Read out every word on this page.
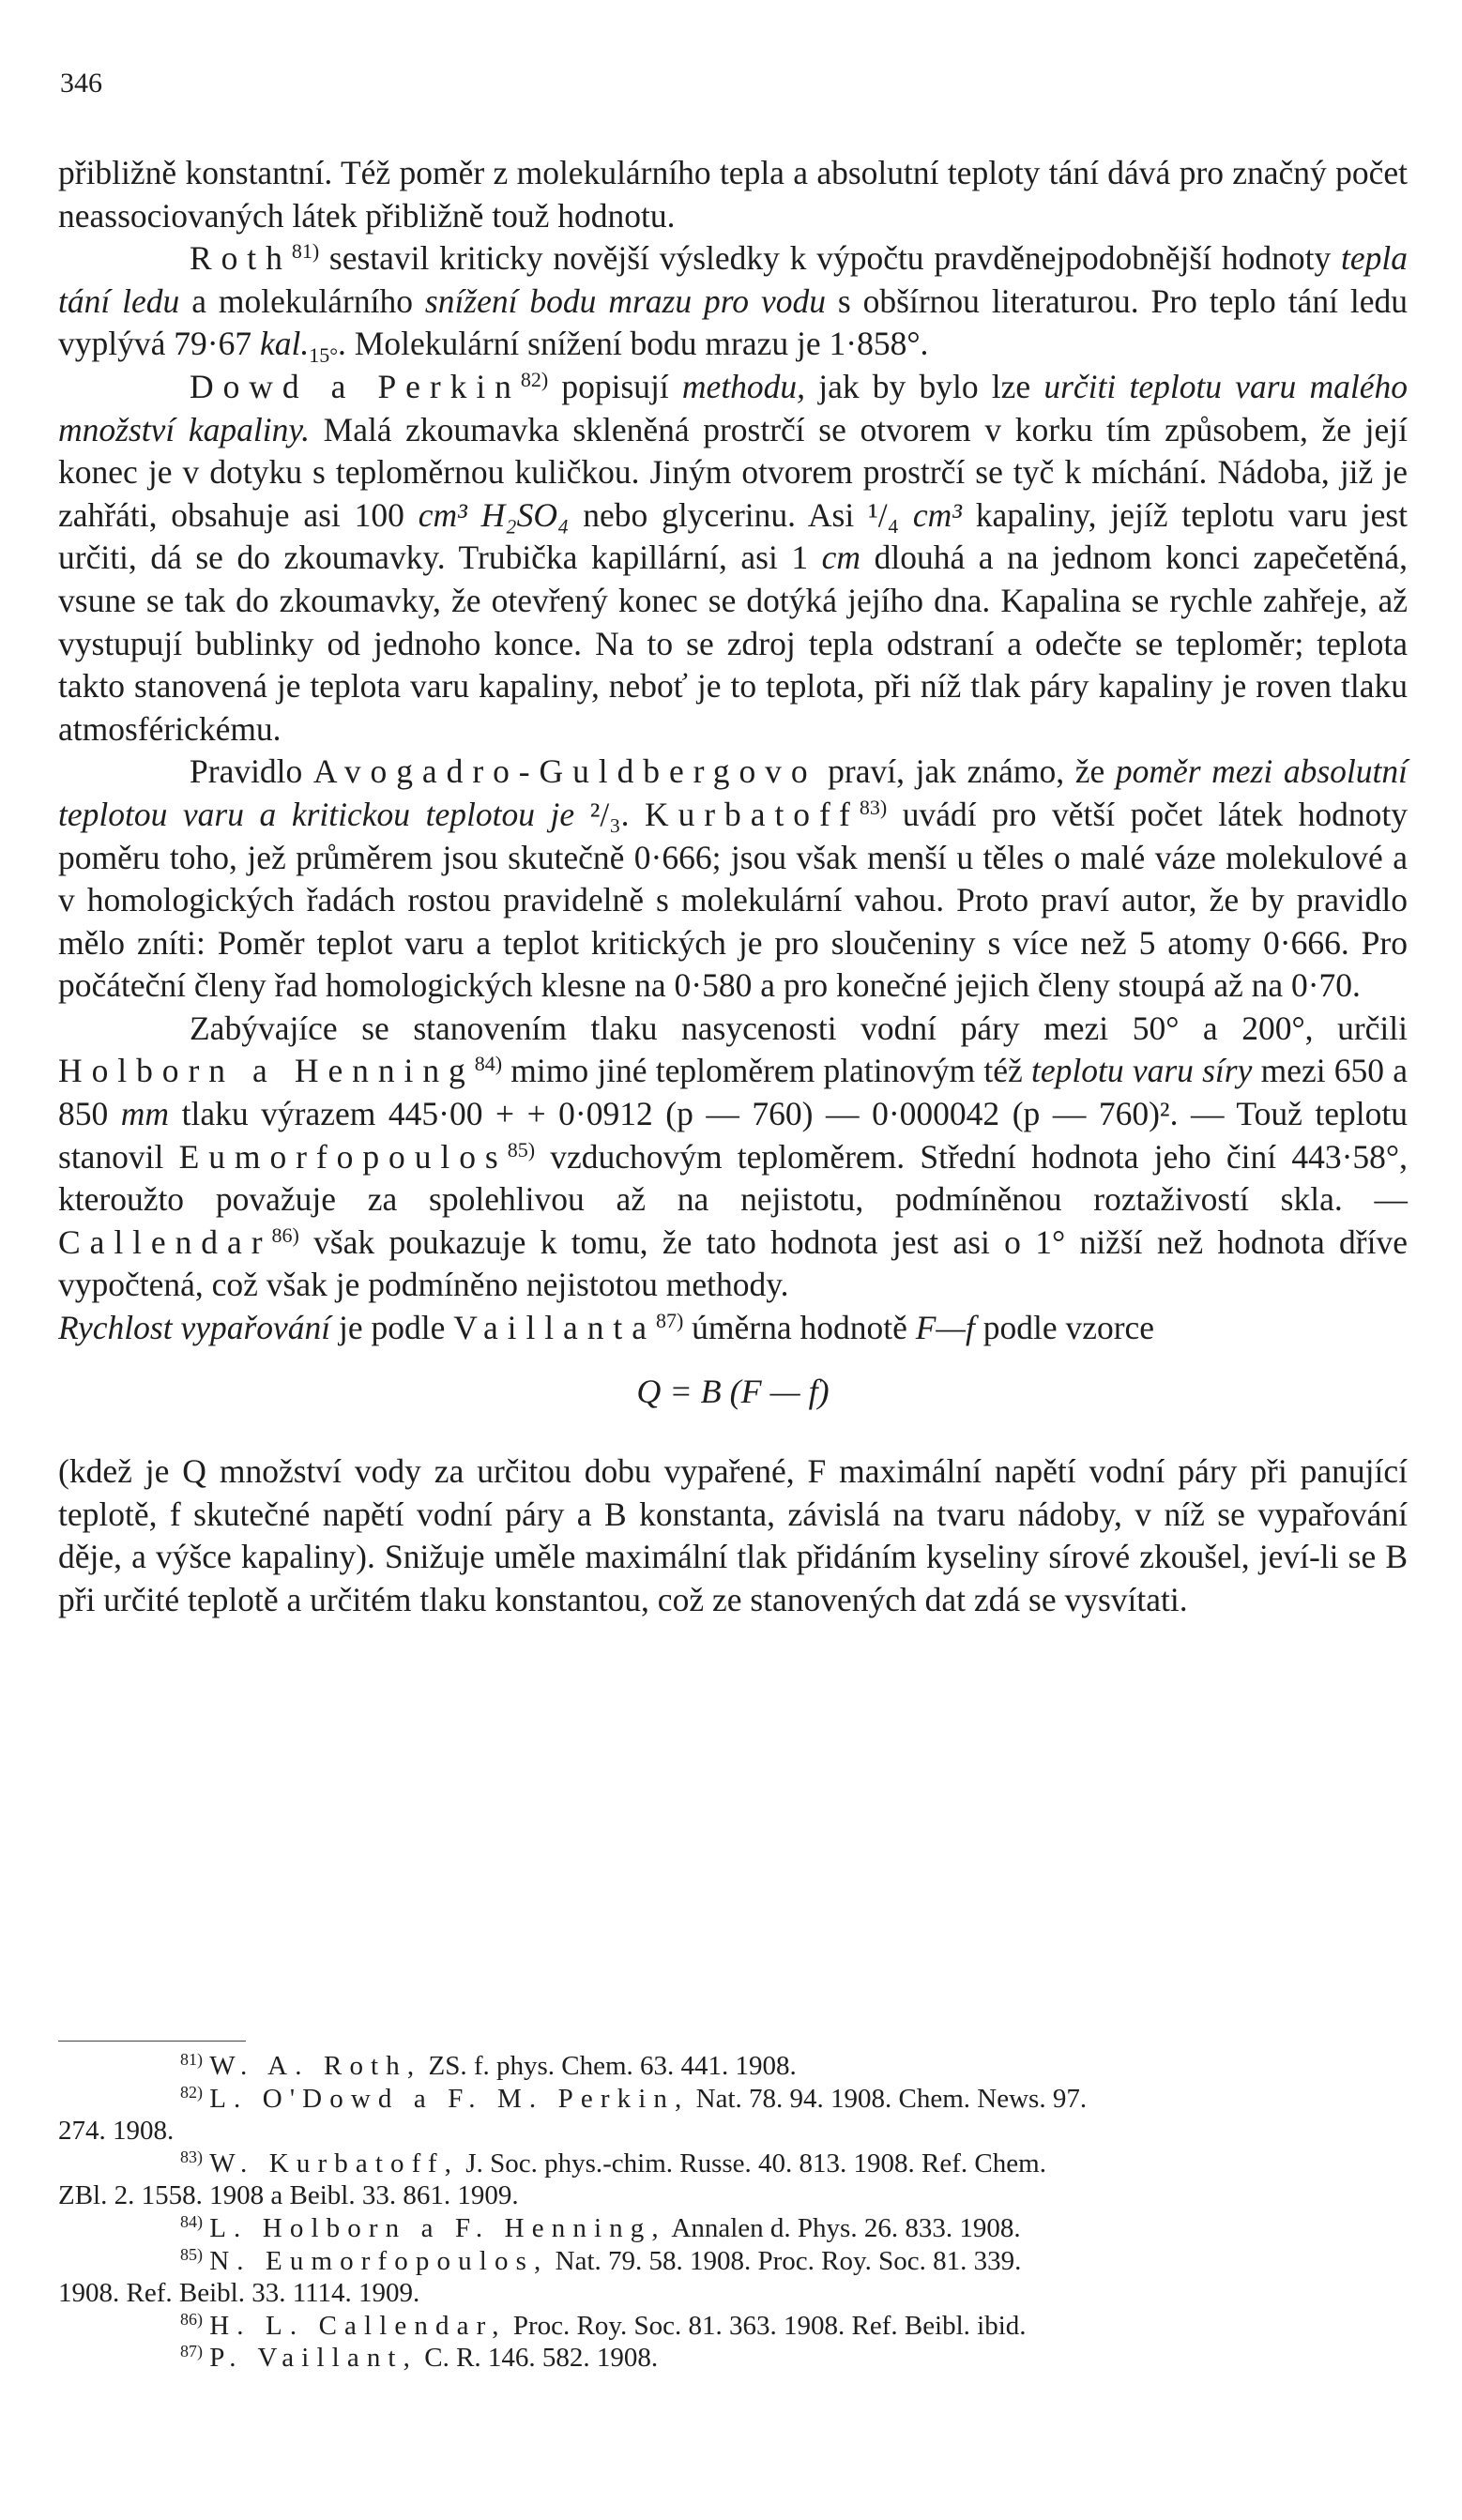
346

přibližně konstantní. Též poměr z molekulárního tepla a absolutní teploty tání dává pro značný počet neassociovaných látek přibližně touž hodnotu.

Roth$^{81)}$ sestavil kriticky novější výsledky k výpočtu pravděnejpodobnější hodnoty tepla tání ledu a molekulárního snížení bodu mrazu pro vodu s obšírnou literaturou. Pro teplo tání ledu vyplývá 79·67 $kal._{15^\circ}$. Molekulární snížení bodu mrazu je 1·858°.

Dowd a Perkin$^{82)}$ popisují methodu, jak by bylo lze určiti teplotu varu malého množství kapaliny. Malá zkoumavka skleněná prostrčí se otvorem v korku tím způsobem, že její konec je v dotyku s teploměrnou kuličkou. Jiným otvorem prostrčí se tyč k míchání. Nádoba, již je zahřáti, obsahuje asi 100 cm³ H₂SO₄ nebo glycerinu. Asi ¹/₄ cm³ kapaliny, jejíž teplotu varu jest určiti, dá se do zkoumavky. Trubička kapillární, asi 1 cm dlouhá a na jednom konci zapečetěná, vsune se tak do zkoumavky, že otevřený konec se dotýká jejího dna. Kapalina se rychle zahřeje, až vystupují bublinky od jednoho konce. Na to se zdroj tepla odstraní a odečte se teploměr; teplota takto stanovená je teplota varu kapaliny, neboť je to teplota, při níž tlak páry kapaliny je roven tlaku atmosférickému.

Pravidlo Avogadro-Guldbergovo praví, jak známo, že poměr mezi absolutní teplotou varu a kritickou teplotou je ²/₃. Kurbatoff$^{83)}$ uvádí pro větší počet látek hodnoty poměru toho, jež průměrem jsou skutečně 0·666; jsou však menší u těles o malé váze molekulové a v homologických řadách rostou pravidelně s molekulární vahou. Proto praví autor, že by pravidlo mělo zníti: Poměr teplot varu a teplot kritických je pro sloučeniny s více než 5 atomy 0·666. Pro počáteční členy řad homologických klesne na 0·580 a pro konečné jejich členy stoupá až na 0·70.

Zabývajíce se stanovením tlaku nasycenosti vodní páry mezi 50° a 200°, určili Holborn a Henning$^{84)}$ mimo jiné teploměrem platinovým též teplotu varu síry mezi 650 a 850 mm tlaku výrazem 445·00 + + 0·0912 (p — 760) — 0·000042 (p — 760)². — Touž teplotu stanovil Eumorfopoulos$^{85)}$ vzduchovým teploměrem. Střední hodnota jeho činí 443·58°, kteroužto považuje za spolehlivou až na nejistotu, podmíněnou roztaživostí skla. — Callendar$^{86)}$ však poukazuje k tomu, že tato hodnota jest asi o 1° nižší než hodnota dříve vypočtená, což však je podmíněno nejistotou methody.

Rychlost vypařování je podle Vaillanta$^{87)}$ úměrna hodnotě F—f podle vzorce

Q = B (F — f)

(kdež je Q množství vody za určitou dobu vypařené, F maximální napětí vodní páry při panující teplotě, f skutečné napětí vodní páry a B konstanta, závislá na tvaru nádoby, v níž se vypařování děje, a výšce kapaliny). Snižuje uměle maximální tlak přidáním kyseliny sírové zkoušel, jeví-li se B při určité teplotě a určitém tlaku konstantou, což ze stanovených dat zdá se vysvítati.

$^{81)}$ W. A. Roth, ZS. f. phys. Chem. 63. 441. 1908.
$^{82)}$ L. O'Dowd a F. M. Perkin, Nat. 78. 94. 1908. Chem. News. 97.
274. 1908.
$^{83)}$ W. Kurbatoff, J. Soc. phys.-chim. Russe. 40. 813. 1908. Ref. Chem.
ZBl. 2. 1558. 1908 a Beibl. 33. 861. 1909.
$^{84)}$ L. Holborn a F. Henning, Annalen d. Phys. 26. 833. 1908.
$^{85)}$ N. Eumorfopoulos, Nat. 79. 58. 1908. Proc. Roy. Soc. 81. 339.
1908. Ref. Beibl. 33. 1114. 1909.
$^{86)}$ H. L. Callendar, Proc. Roy. Soc. 81. 363. 1908. Ref. Beibl. ibid.
$^{87)}$ P. Vaillant, C. R. 146. 582. 1908.
